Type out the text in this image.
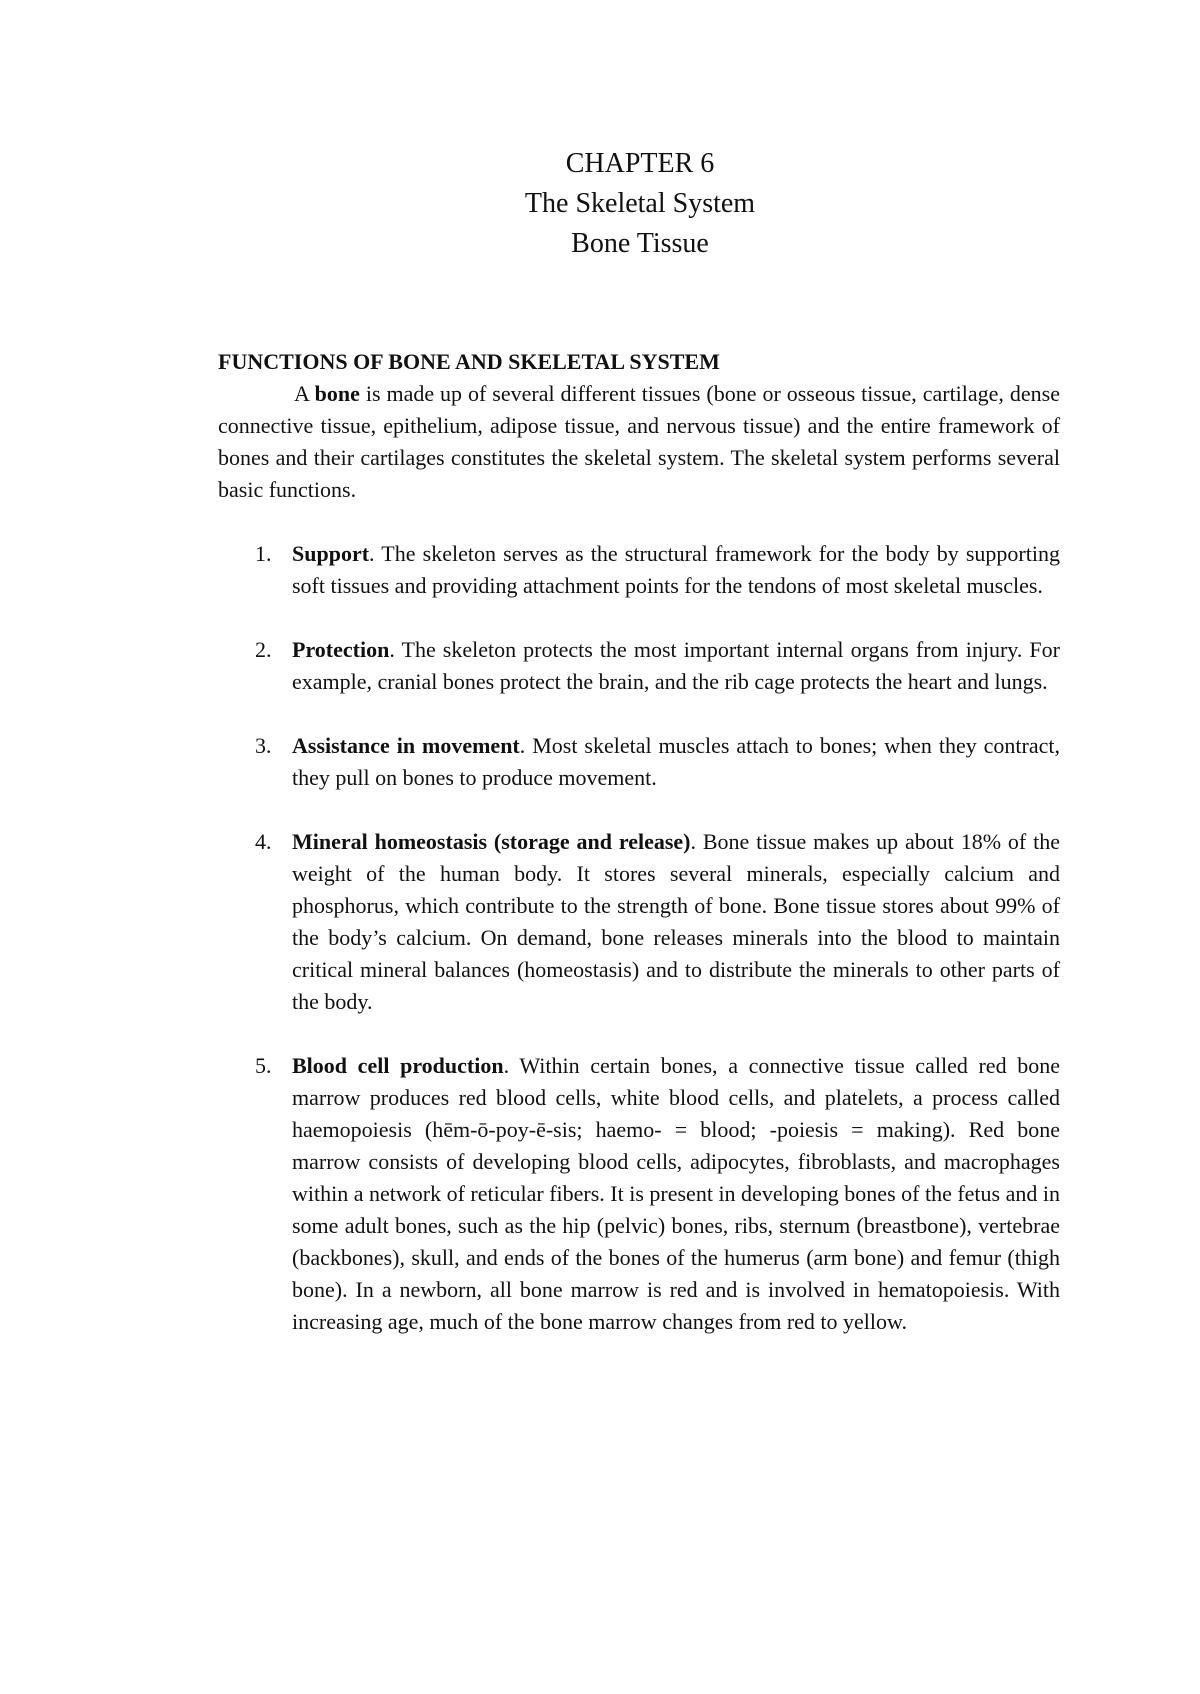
CHAPTER 6
The Skeletal System
Bone Tissue
FUNCTIONS OF BONE AND SKELETAL SYSTEM

A bone is made up of several different tissues (bone or osseous tissue, cartilage, dense connective tissue, epithelium, adipose tissue, and nervous tissue) and the entire framework of bones and their cartilages constitutes the skeletal system. The skeletal system performs several basic functions.

1. Support. The skeleton serves as the structural framework for the body by supporting soft tissues and providing attachment points for the tendons of most skeletal muscles.
2. Protection. The skeleton protects the most important internal organs from injury. For example, cranial bones protect the brain, and the rib cage protects the heart and lungs.
3. Assistance in movement. Most skeletal muscles attach to bones; when they contract, they pull on bones to produce movement.
4. Mineral homeostasis (storage and release). Bone tissue makes up about 18% of the weight of the human body. It stores several minerals, especially calcium and phosphorus, which contribute to the strength of bone. Bone tissue stores about 99% of the body’s calcium. On demand, bone releases minerals into the blood to maintain critical mineral balances (homeostasis) and to distribute the minerals to other parts of the body.
5. Blood cell production. Within certain bones, a connective tissue called red bone marrow produces red blood cells, white blood cells, and platelets, a process called haemopoiesis (hēm-ō-poy-ē-sis; haemo- = blood; -poiesis = making). Red bone marrow consists of developing blood cells, adipocytes, fibroblasts, and macrophages within a network of reticular fibers. It is present in developing bones of the fetus and in some adult bones, such as the hip (pelvic) bones, ribs, sternum (breastbone), vertebrae (backbones), skull, and ends of the bones of the humerus (arm bone) and femur (thigh bone). In a newborn, all bone marrow is red and is involved in hematopoiesis. With increasing age, much of the bone marrow changes from red to yellow.
